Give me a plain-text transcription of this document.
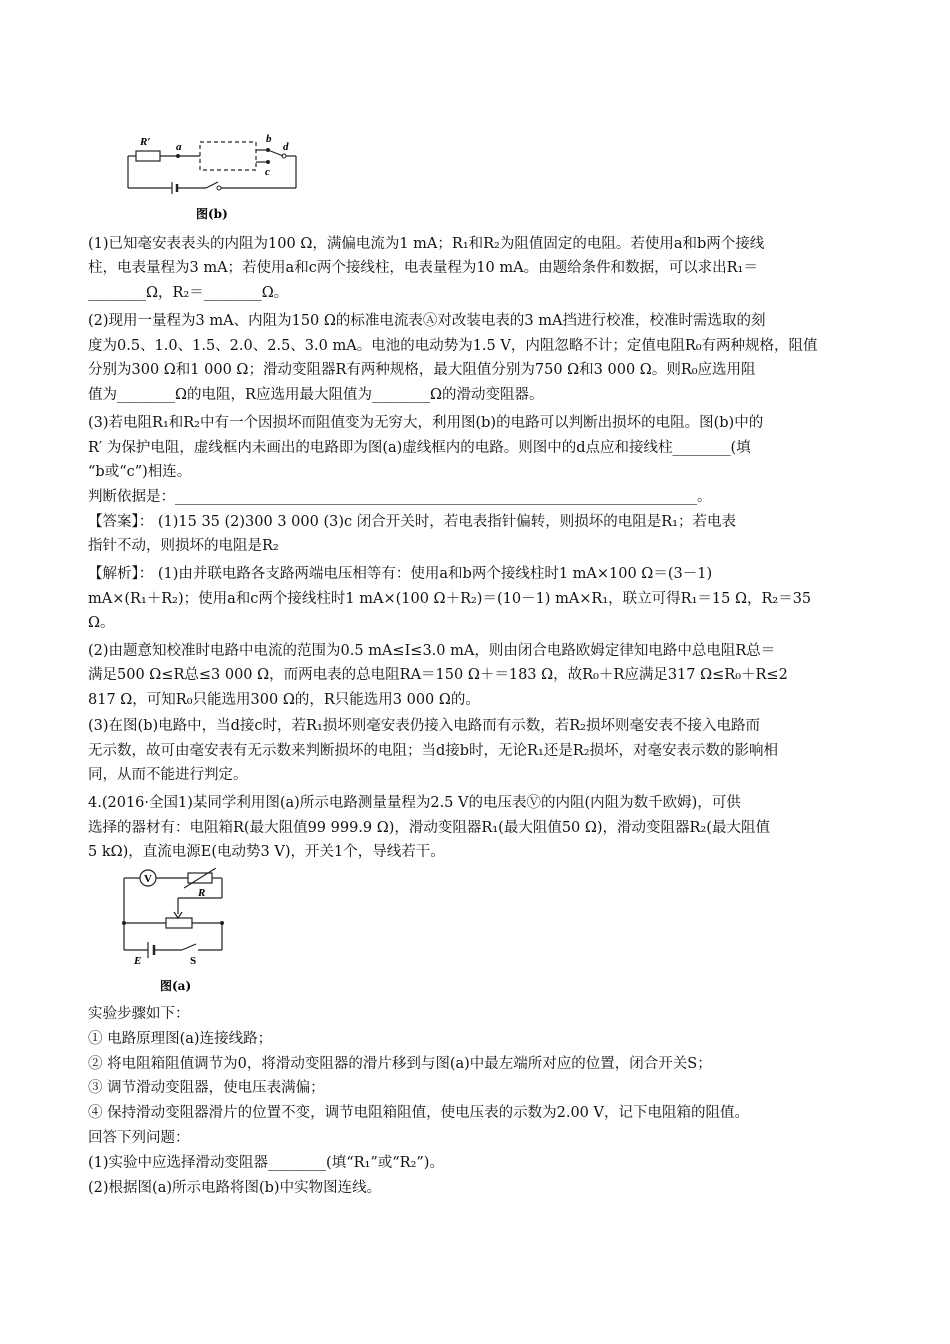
R′ a
b
c
d
图(b)
V
R
E	S
图(a)
(1)已知毫安表表头的内阻为100 Ω，满偏电流为1 mA；R₁和R₂为阻值固定的电阻。若使用a和b两个接线
柱，电表量程为3 mA；若使用a和c两个接线柱，电表量程为10 mA。由题给条件和数据，可以求出R₁＝
________Ω，R₂＝________Ω。
(2)现用一量程为3 mA、内阻为150 Ω的标准电流表Ⓐ对改装电表的3 mA挡进行校准，校准时需选取的刻
度为0.5、1.0、1.5、2.0、2.5、3.0 mA。电池的电动势为1.5 V，内阻忽略不计；定值电阻R₀有两种规格，阻值
分别为300 Ω和1 000 Ω；滑动变阻器R有两种规格，最大阻值分别为750 Ω和3 000 Ω。则R₀应选用阻
值为________Ω的电阻，R应选用最大阻值为________Ω的滑动变阻器。
(3)若电阻R₁和R₂中有一个因损坏而阻值变为无穷大，利用图(b)的电路可以判断出损坏的电阻。图(b)中的
R′ 为保护电阻，虚线框内未画出的电路即为图(a)虚线框内的电路。则图中的d点应和接线柱________(填
“b或“c”)相连。
判断依据是：________________________________________________________________________。
【答案】： (1)15 35 (2)300 3 000 (3)c 闭合开关时，若电表指针偏转，则损坏的电阻是R₁；若电表
指针不动，则损坏的电阻是R₂
【解析】： (1)由并联电路各支路两端电压相等有：使用a和b两个接线柱时1 mA×100 Ω＝(3－1)
mA×(R₁＋R₂)；使用a和c两个接线柱时1 mA×(100 Ω＋R₂)＝(10－1) mA×R₁，联立可得R₁＝15 Ω，R₂＝35
Ω。
(2)由题意知校准时电路中电流的范围为0.5 mA≤I≤3.0 mA，则由闭合电路欧姆定律知电路中总电阻R总＝
满足500 Ω≤R总≤3 000 Ω，而两电表的总电阻RA＝150 Ω＋＝183 Ω，故R₀＋R应满足317 Ω≤R₀＋R≤2
817 Ω，可知R₀只能选用300 Ω的，R只能选用3 000 Ω的。
(3)在图(b)电路中，当d接c时，若R₁损坏则毫安表仍接入电路而有示数，若R₂损坏则毫安表不接入电路而
无示数，故可由毫安表有无示数来判断损坏的电阻；当d接b时，无论R₁还是R₂损坏，对毫安表示数的影响相
同，从而不能进行判定。
4.(2016·全国1)某同学利用图(a)所示电路测量量程为2.5 V的电压表Ⓥ的内阻(内阻为数千欧姆)，可供
选择的器材有：电阻箱R(最大阻值99 999.9 Ω)，滑动变阻器R₁(最大阻值50 Ω)，滑动变阻器R₂(最大阻值
5 kΩ)，直流电源E(电动势3 V)，开关1个，导线若干。
实验步骤如下：
① 电路原理图(a)连接线路；
② 将电阻箱阻值调节为0，将滑动变阻器的滑片移到与图(a)中最左端所对应的位置，闭合开关S；
③ 调节滑动变阻器，使电压表满偏；
④ 保持滑动变阻器滑片的位置不变，调节电阻箱阻值，使电压表的示数为2.00 V，记下电阻箱的阻值。
回答下列问题：
(1)实验中应选择滑动变阻器________(填“R₁”或“R₂”)。
(2)根据图(a)所示电路将图(b)中实物图连线。
